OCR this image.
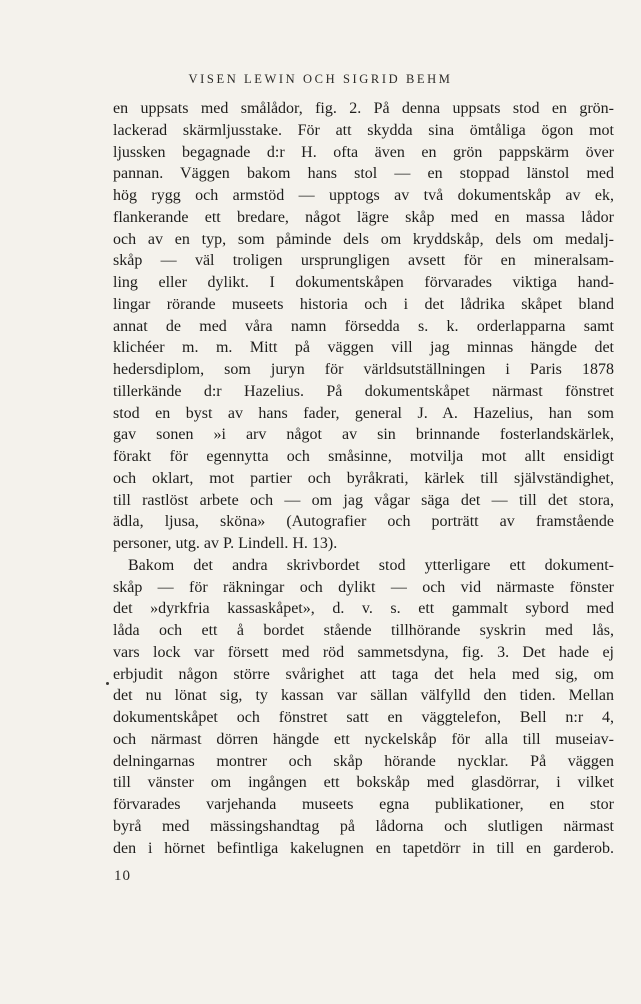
VISEN LEWIN OCH SIGRID BEHM
en uppsats med smålådor, fig. 2. På denna uppsats stod en grön-
lackerad skärmljusstake. För att skydda sina ömtåliga ögon mot
ljusskеn begagnade d:r H. ofta även en grön pappskärm över
pannan. Väggen bakom hans stol — en stoppad länstol med
hög rygg och armstöd — upptogs av två dokumentskåp av ek,
flankerande ett bredare, något lägre skåp med en massa lådor
och av en typ, som påminde dels om kryddskåp, dels om medalj-
skåp — väl troligen ursprungligen avsett för en mineralsam-
ling eller dylikt. I dokumentskåpen förvarades viktiga hand-
lingar rörande museets historia och i det lådrika skåpet bland
annat de med våra namn försedda s. k. orderlapparna samt
klichéer m. m. Mitt på väggen vill jag minnas hängde det
hedersdiplom, som juryn för världsutställningen i Paris 1878
tillerkände d:r Hazelius. På dokumentskåpet närmast fönstret
stod en byst av hans fader, general J. A. Hazelius, han som
gav sonen »i arv något av sin brinnande fosterlandskärlek,
förakt för egennytta och småsinne, motvilja mot allt ensidigt
och oklart, mot partier och byråkrati, kärlek till självständighet,
till rastlöst arbete och — om jag vågar säga det — till det stora,
ädla, ljusa, sköna» (Autografier och porträtt av framstående
personer, utg. av P. Lindell. H. 13).
Bakom det andra skrivbordet stod ytterligare ett dokument-
skåp — för räkningar och dylikt — och vid närmaste fönster
det »dyrkfria kassaskåpet», d. v. s. ett gammalt sybord med
låda och ett å bordet stående tillhörande syskrin med lås,
vars lock var försett med röd sammetsdyna, fig. 3. Det hade ej
erbjudit någon större svårighet att taga det hela med sig, om
det nu lönat sig, ty kassan var sällan välfylld den tiden. Mellan
dokumentskåpet och fönstret satt en väggtelefon, Bell n:r 4,
och närmast dörren hängde ett nyckelskåp för alla till museiav-
delningarnas montrer och skåp hörande nycklar. På väggen
till vänster om ingången ett bokskåp med glasdörrar, i vilket
förvarades varjehanda museets egna publikationer, en stor
byrå med mässingshandtag på lådorna och slutligen närmast
den i hörnet befintliga kakelugnen en tapetdörr in till en garderob.
10
